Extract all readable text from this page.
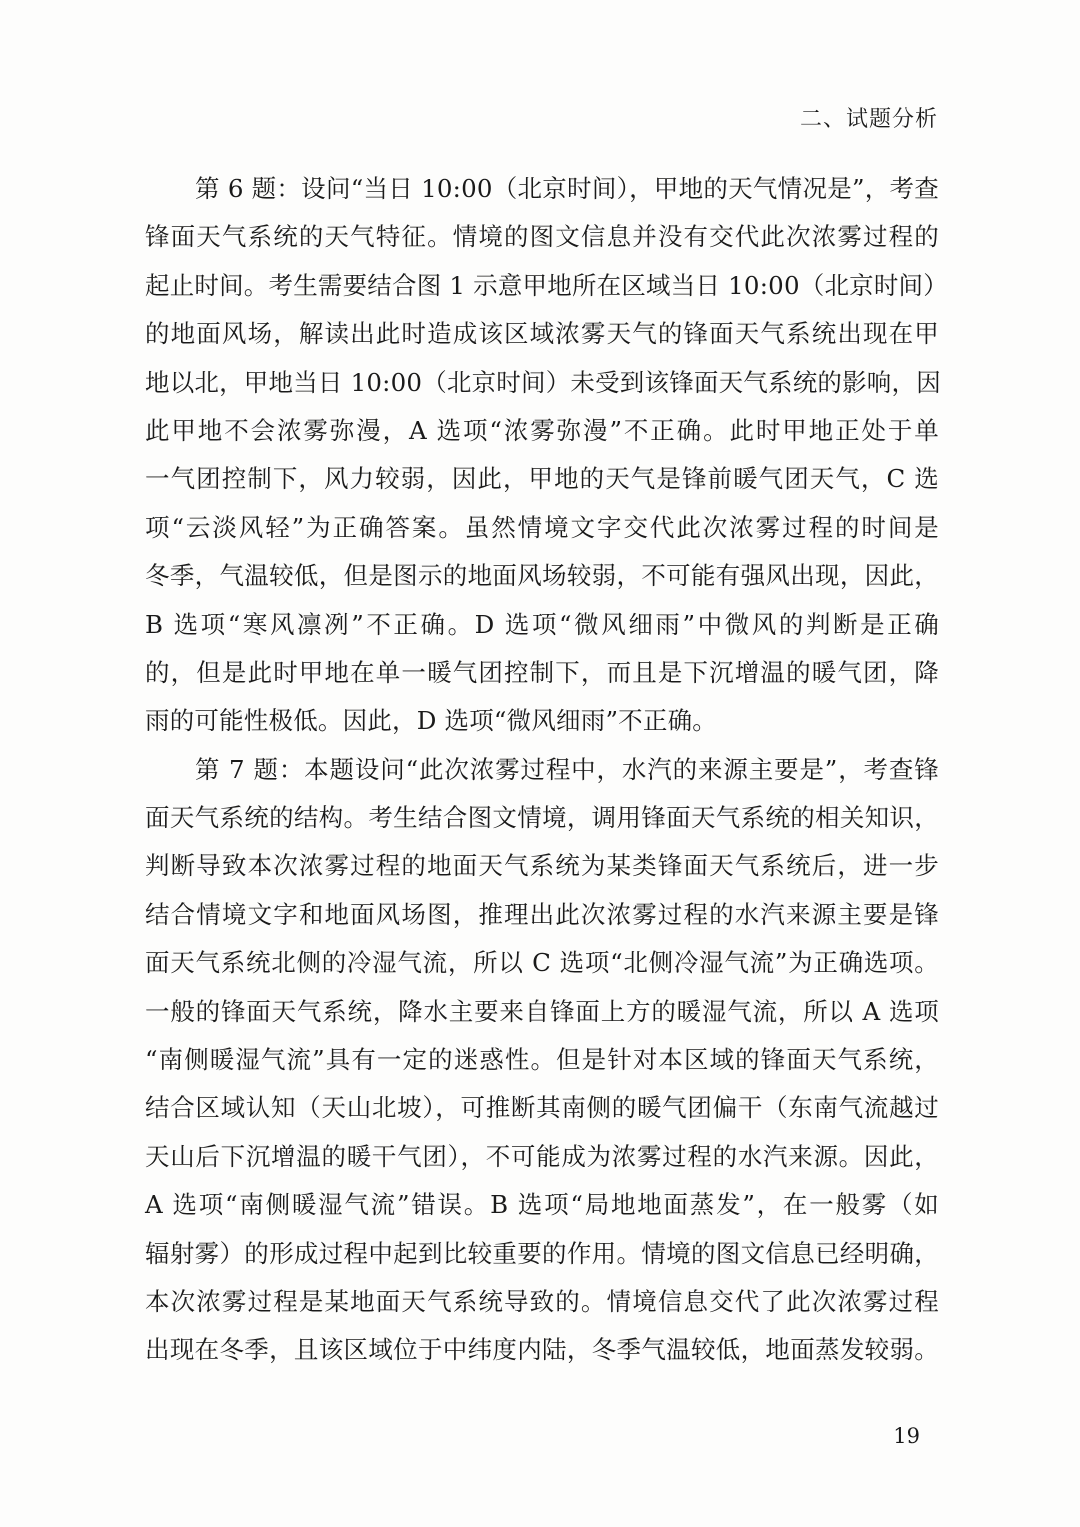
二、试题分析
第 6 题：设问“当日 10:00（北京时间），甲地的天气情况是”，考查
锋面天气系统的天气特征。情境的图文信息并没有交代此次浓雾过程的
起止时间。考生需要结合图 1 示意甲地所在区域当日 10:00（北京时间）
的地面风场，解读出此时造成该区域浓雾天气的锋面天气系统出现在甲
地以北，甲地当日 10:00（北京时间）未受到该锋面天气系统的影响，因
此甲地不会浓雾弥漫，A 选项“浓雾弥漫”不正确。此时甲地正处于单
一气团控制下，风力较弱，因此，甲地的天气是锋前暖气团天气，C 选
项“云淡风轻”为正确答案。虽然情境文字交代此次浓雾过程的时间是
冬季，气温较低，但是图示的地面风场较弱，不可能有强风出现，因此，
B 选项“寒风凛冽”不正确。D 选项“微风细雨”中微风的判断是正确
的，但是此时甲地在单一暖气团控制下，而且是下沉增温的暖气团，降
雨的可能性极低。因此，D 选项“微风细雨”不正确。
第 7 题：本题设问“此次浓雾过程中，水汽的来源主要是”，考查锋
面天气系统的结构。考生结合图文情境，调用锋面天气系统的相关知识，
判断导致本次浓雾过程的地面天气系统为某类锋面天气系统后，进一步
结合情境文字和地面风场图，推理出此次浓雾过程的水汽来源主要是锋
面天气系统北侧的冷湿气流，所以 C 选项“北侧冷湿气流”为正确选项。
一般的锋面天气系统，降水主要来自锋面上方的暖湿气流，所以 A 选项
“南侧暖湿气流”具有一定的迷惑性。但是针对本区域的锋面天气系统，
结合区域认知（天山北坡），可推断其南侧的暖气团偏干（东南气流越过
天山后下沉增温的暖干气团），不可能成为浓雾过程的水汽来源。因此，
A 选项“南侧暖湿气流”错误。B 选项“局地地面蒸发”，在一般雾（如
辐射雾）的形成过程中起到比较重要的作用。情境的图文信息已经明确，
本次浓雾过程是某地面天气系统导致的。情境信息交代了此次浓雾过程
出现在冬季，且该区域位于中纬度内陆，冬季气温较低，地面蒸发较弱。
19
